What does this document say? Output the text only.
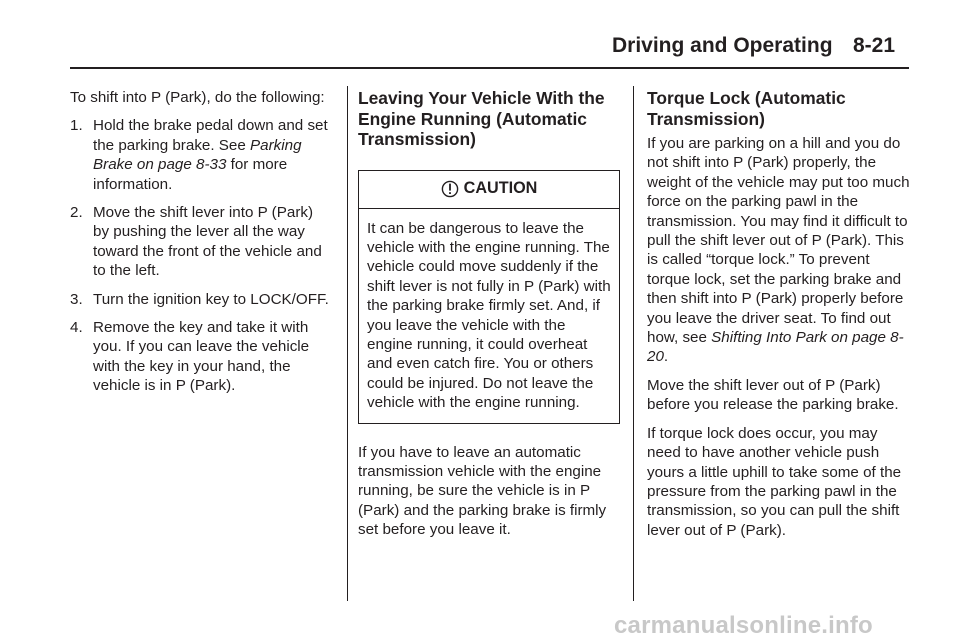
Driving and Operating 8-21

To shift into P (Park), do the following:

1. Hold the brake pedal down and set the parking brake. See Parking Brake on page 8-33 for more information.
2. Move the shift lever into P (Park) by pushing the lever all the way toward the front of the vehicle and to the left.
3. Turn the ignition key to LOCK/OFF.
4. Remove the key and take it with you. If you can leave the vehicle with the key in your hand, the vehicle is in P (Park).
Leaving Your Vehicle With the Engine Running (Automatic Transmission)
CAUTION
It can be dangerous to leave the vehicle with the engine running. The vehicle could move suddenly if the shift lever is not fully in P (Park) with the parking brake firmly set. And, if you leave the vehicle with the engine running, it could overheat and even catch fire. You or others could be injured. Do not leave the vehicle with the engine running.

If you have to leave an automatic transmission vehicle with the engine running, be sure the vehicle is in P (Park) and the parking brake is firmly set before you leave it.

Torque Lock (Automatic Transmission)

If you are parking on a hill and you do not shift into P (Park) properly, the weight of the vehicle may put too much force on the parking pawl in the transmission. You may find it difficult to pull the shift lever out of P (Park). This is called “torque lock.” To prevent torque lock, set the parking brake and then shift into P (Park) properly before you leave the driver seat. To find out how, see Shifting Into Park on page 8-20.

Move the shift lever out of P (Park) before you release the parking brake.

If torque lock does occur, you may need to have another vehicle push yours a little uphill to take some of the pressure from the parking pawl in the transmission, so you can pull the shift lever out of P (Park).

carmanualsonline.info
